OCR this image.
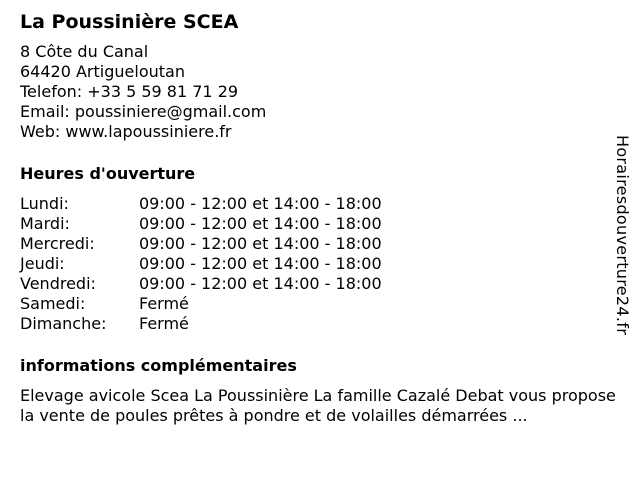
La Poussinière SCEA
8 Côte du Canal
64420 Artigueloutan
Telefon: +33 5 59 81 71 29
Email: poussiniere@gmail.com
Web: www.lapoussiniere.fr
Heures d'ouverture
Lundi:	09:00 - 12:00 et 14:00 - 18:00
Mardi:	09:00 - 12:00 et 14:00 - 18:00
Mercredi:	09:00 - 12:00 et 14:00 - 18:00
Jeudi:	09:00 - 12:00 et 14:00 - 18:00
Vendredi:	09:00 - 12:00 et 14:00 - 18:00
Samedi:	Fermé
Dimanche:	Fermé
informations complémentaires
Elevage avicole Scea La Poussinière La famille Cazalé Debat vous propose la vente de poules prêtes à pondre et de volailles démarrées ...
Horairesdouverture24.fr
